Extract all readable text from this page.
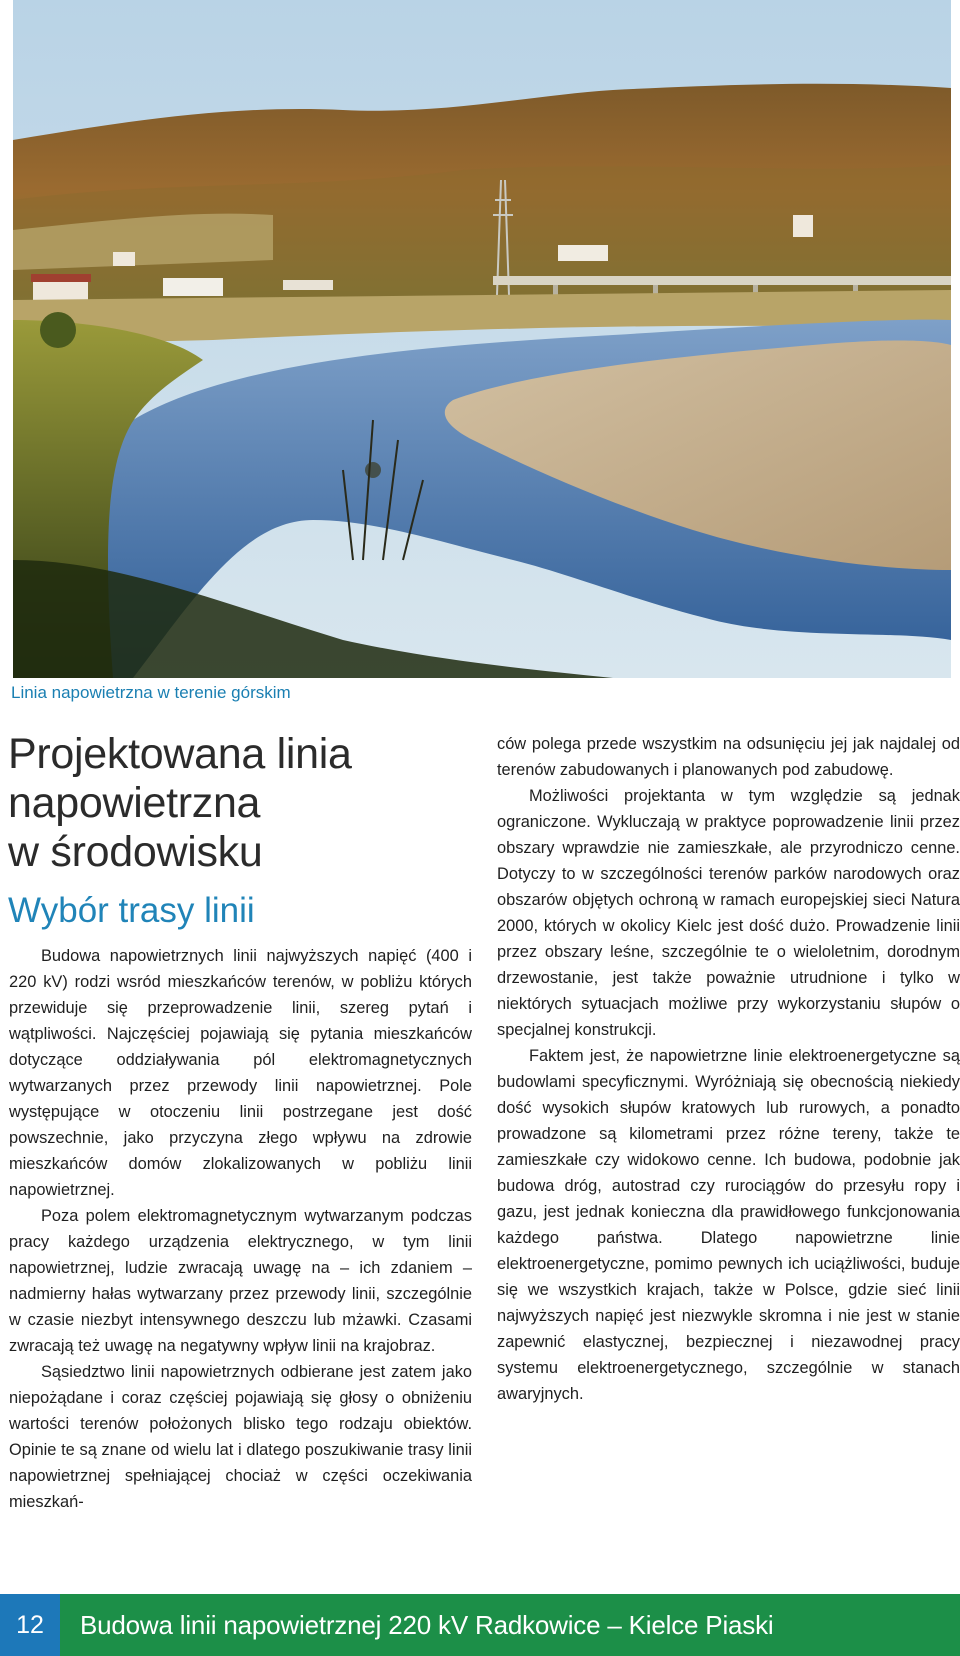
Linia napowietrzna w terenie górskim
Projektowana linia
napowietrzna
w środowisku
Wybór trasy linii

Budowa napowietrznych linii najwyższych napięć (400 i 220 kV) rodzi wsród mieszkańców terenów, w pobliżu których przewiduje się przeprowadzenie linii, szereg pytań i wątpliwości. Najczęściej pojawiają się pytania mieszkańców dotyczące oddziaływania pól elektromagnetycznych wytwarzanych przez przewody linii napowietrznej. Pole występujące w otoczeniu linii postrzegane jest dość powszechnie, jako przyczyna złego wpływu na zdrowie mieszkańców domów zlokalizowanych w pobliżu linii napowietrznej.

Poza polem elektromagnetycznym wytwarzanym podczas pracy każdego urządzenia elektrycznego, w tym linii napowietrznej, ludzie zwracają uwagę na – ich zdaniem – nadmierny hałas wytwarzany przez przewody linii, szczególnie w czasie niezbyt intensywnego deszczu lub mżawki. Czasami zwracają też uwagę na negatywny wpływ linii na krajobraz.

Sąsiedztwo linii napowietrznych odbierane jest zatem jako niepożądane i coraz częściej pojawiają się głosy o obniżeniu wartości terenów położonych blisko tego rodzaju obiektów. Opinie te są znane od wielu lat i dlatego poszukiwanie trasy linii napowietrznej spełniającej chociaż w części oczekiwania mieszkań-

ców polega przede wszystkim na odsunięciu jej jak najdalej od terenów zabudowanych i planowanych pod zabudowę.

Możliwości projektanta w tym względzie są jednak ograniczone. Wykluczają w praktyce poprowadzenie linii przez obszary wprawdzie nie zamieszkałe, ale przyrodniczo cenne. Dotyczy to w szczególności terenów parków narodowych oraz obszarów objętych ochroną w ramach europejskiej sieci Natura 2000, których w okolicy Kielc jest dość dużo. Prowadzenie linii przez obszary leśne, szczególnie te o wieloletnim, dorodnym drzewostanie, jest także poważnie utrudnione i tylko w niektórych sytuacjach możliwe przy wykorzystaniu słupów o specjalnej konstrukcji.

Faktem jest, że napowietrzne linie elektroenergetyczne są budowlami specyficznymi. Wyróżniają się obecnością niekiedy dość wysokich słupów kratowych lub rurowych, a ponadto prowadzone są kilometrami przez różne tereny, także te zamieszkałe czy widokowo cenne. Ich budowa, podobnie jak budowa dróg, autostrad czy rurociągów do przesyłu ropy i gazu, jest jednak konieczna dla prawidłowego funkcjonowania każdego państwa. Dlatego napowietrzne linie elektroenergetyczne, pomimo pewnych ich uciążliwości, buduje się we wszystkich krajach, także w Polsce, gdzie sieć linii najwyższych napięć jest niezwykle skromna i nie jest w stanie zapewnić elastycznej, bezpiecznej i niezawodnej pracy systemu elektroenergetycznego, szczególnie w stanach awaryjnych.

12	Budowa linii napowietrznej 220 kV Radkowice – Kielce Piaski
